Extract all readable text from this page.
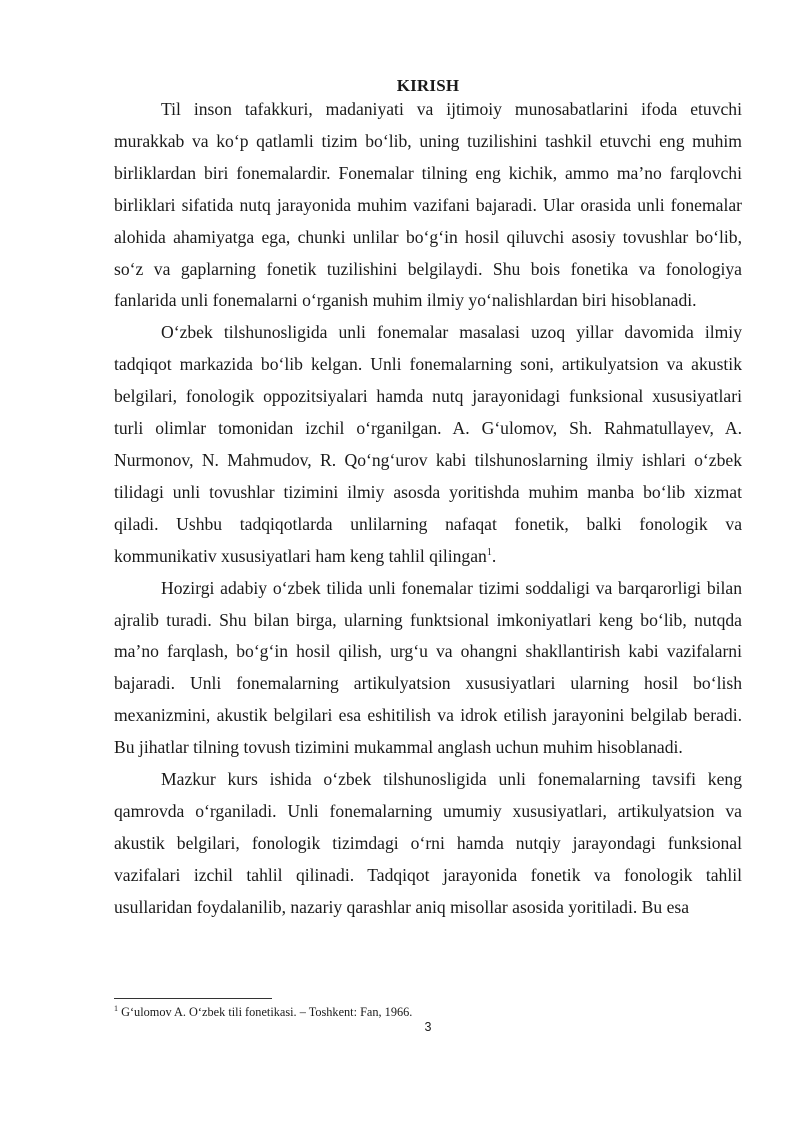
KIRISH

Til inson tafakkuri, madaniyati va ijtimoiy munosabatlarini ifoda etuvchi murakkab va ko‘p qatlamli tizim bo‘lib, uning tuzilishini tashkil etuvchi eng muhim birliklardan biri fonemalardir. Fonemalar tilning eng kichik, ammo ma’no farqlovchi birliklari sifatida nutq jarayonida muhim vazifani bajaradi. Ular orasida unli fonemalar alohida ahamiyatga ega, chunki unlilar bo‘g‘in hosil qiluvchi asosiy tovushlar bo‘lib, so‘z va gaplarning fonetik tuzilishini belgilaydi. Shu bois fonetika va fonologiya fanlarida unli fonemalarni o‘rganish muhim ilmiy yo‘nalishlardan biri hisoblanadi.

O‘zbek tilshunosligida unli fonemalar masalasi uzoq yillar davomida ilmiy tadqiqot markazida bo‘lib kelgan. Unli fonemalarning soni, artikulyatsion va akustik belgilari, fonologik oppozitsiyalari hamda nutq jarayonidagi funksional xususiyatlari turli olimlar tomonidan izchil o‘rganilgan. A. G‘ulomov, Sh. Rahmatullayev, A. Nurmonov, N. Mahmudov, R. Qo‘ng‘urov kabi tilshunoslarning ilmiy ishlari o‘zbek tilidagi unli tovushlar tizimini ilmiy asosda yoritishda muhim manba bo‘lib xizmat qiladi. Ushbu tadqiqotlarda unlilarning nafaqat fonetik, balki fonologik va kommunikativ xususiyatlari ham keng tahlil qilingan$^1$.

Hozirgi adabiy o‘zbek tilida unli fonemalar tizimi soddaligi va barqarorligi bilan ajralib turadi. Shu bilan birga, ularning funktsional imkoniyatlari keng bo‘lib, nutqda ma’no farqlash, bo‘g‘in hosil qilish, urg‘u va ohangni shakllantirish kabi vazifalarni bajaradi. Unli fonemalarning artikulyatsion xususiyatlari ularning hosil bo‘lish mexanizmini, akustik belgilari esa eshitilish va idrok etilish jarayonini belgilab beradi. Bu jihatlar tilning tovush tizimini mukammal anglash uchun muhim hisoblanadi.

Mazkur kurs ishida o‘zbek tilshunosligida unli fonemalarning tavsifi keng qamrovda o‘rganiladi. Unli fonemalarning umumiy xususiyatlari, artikulyatsion va akustik belgilari, fonologik tizimdagi o‘rni hamda nutqiy jarayondagi funksional vazifalari izchil tahlil qilinadi. Tadqiqot jarayonida fonetik va fonologik tahlil usullaridan foydalanilib, nazariy qarashlar aniq misollar asosida yoritiladi. Bu esa

$^1$ G‘ulomov A. O‘zbek tili fonetikasi. – Toshkent: Fan, 1966.
3
